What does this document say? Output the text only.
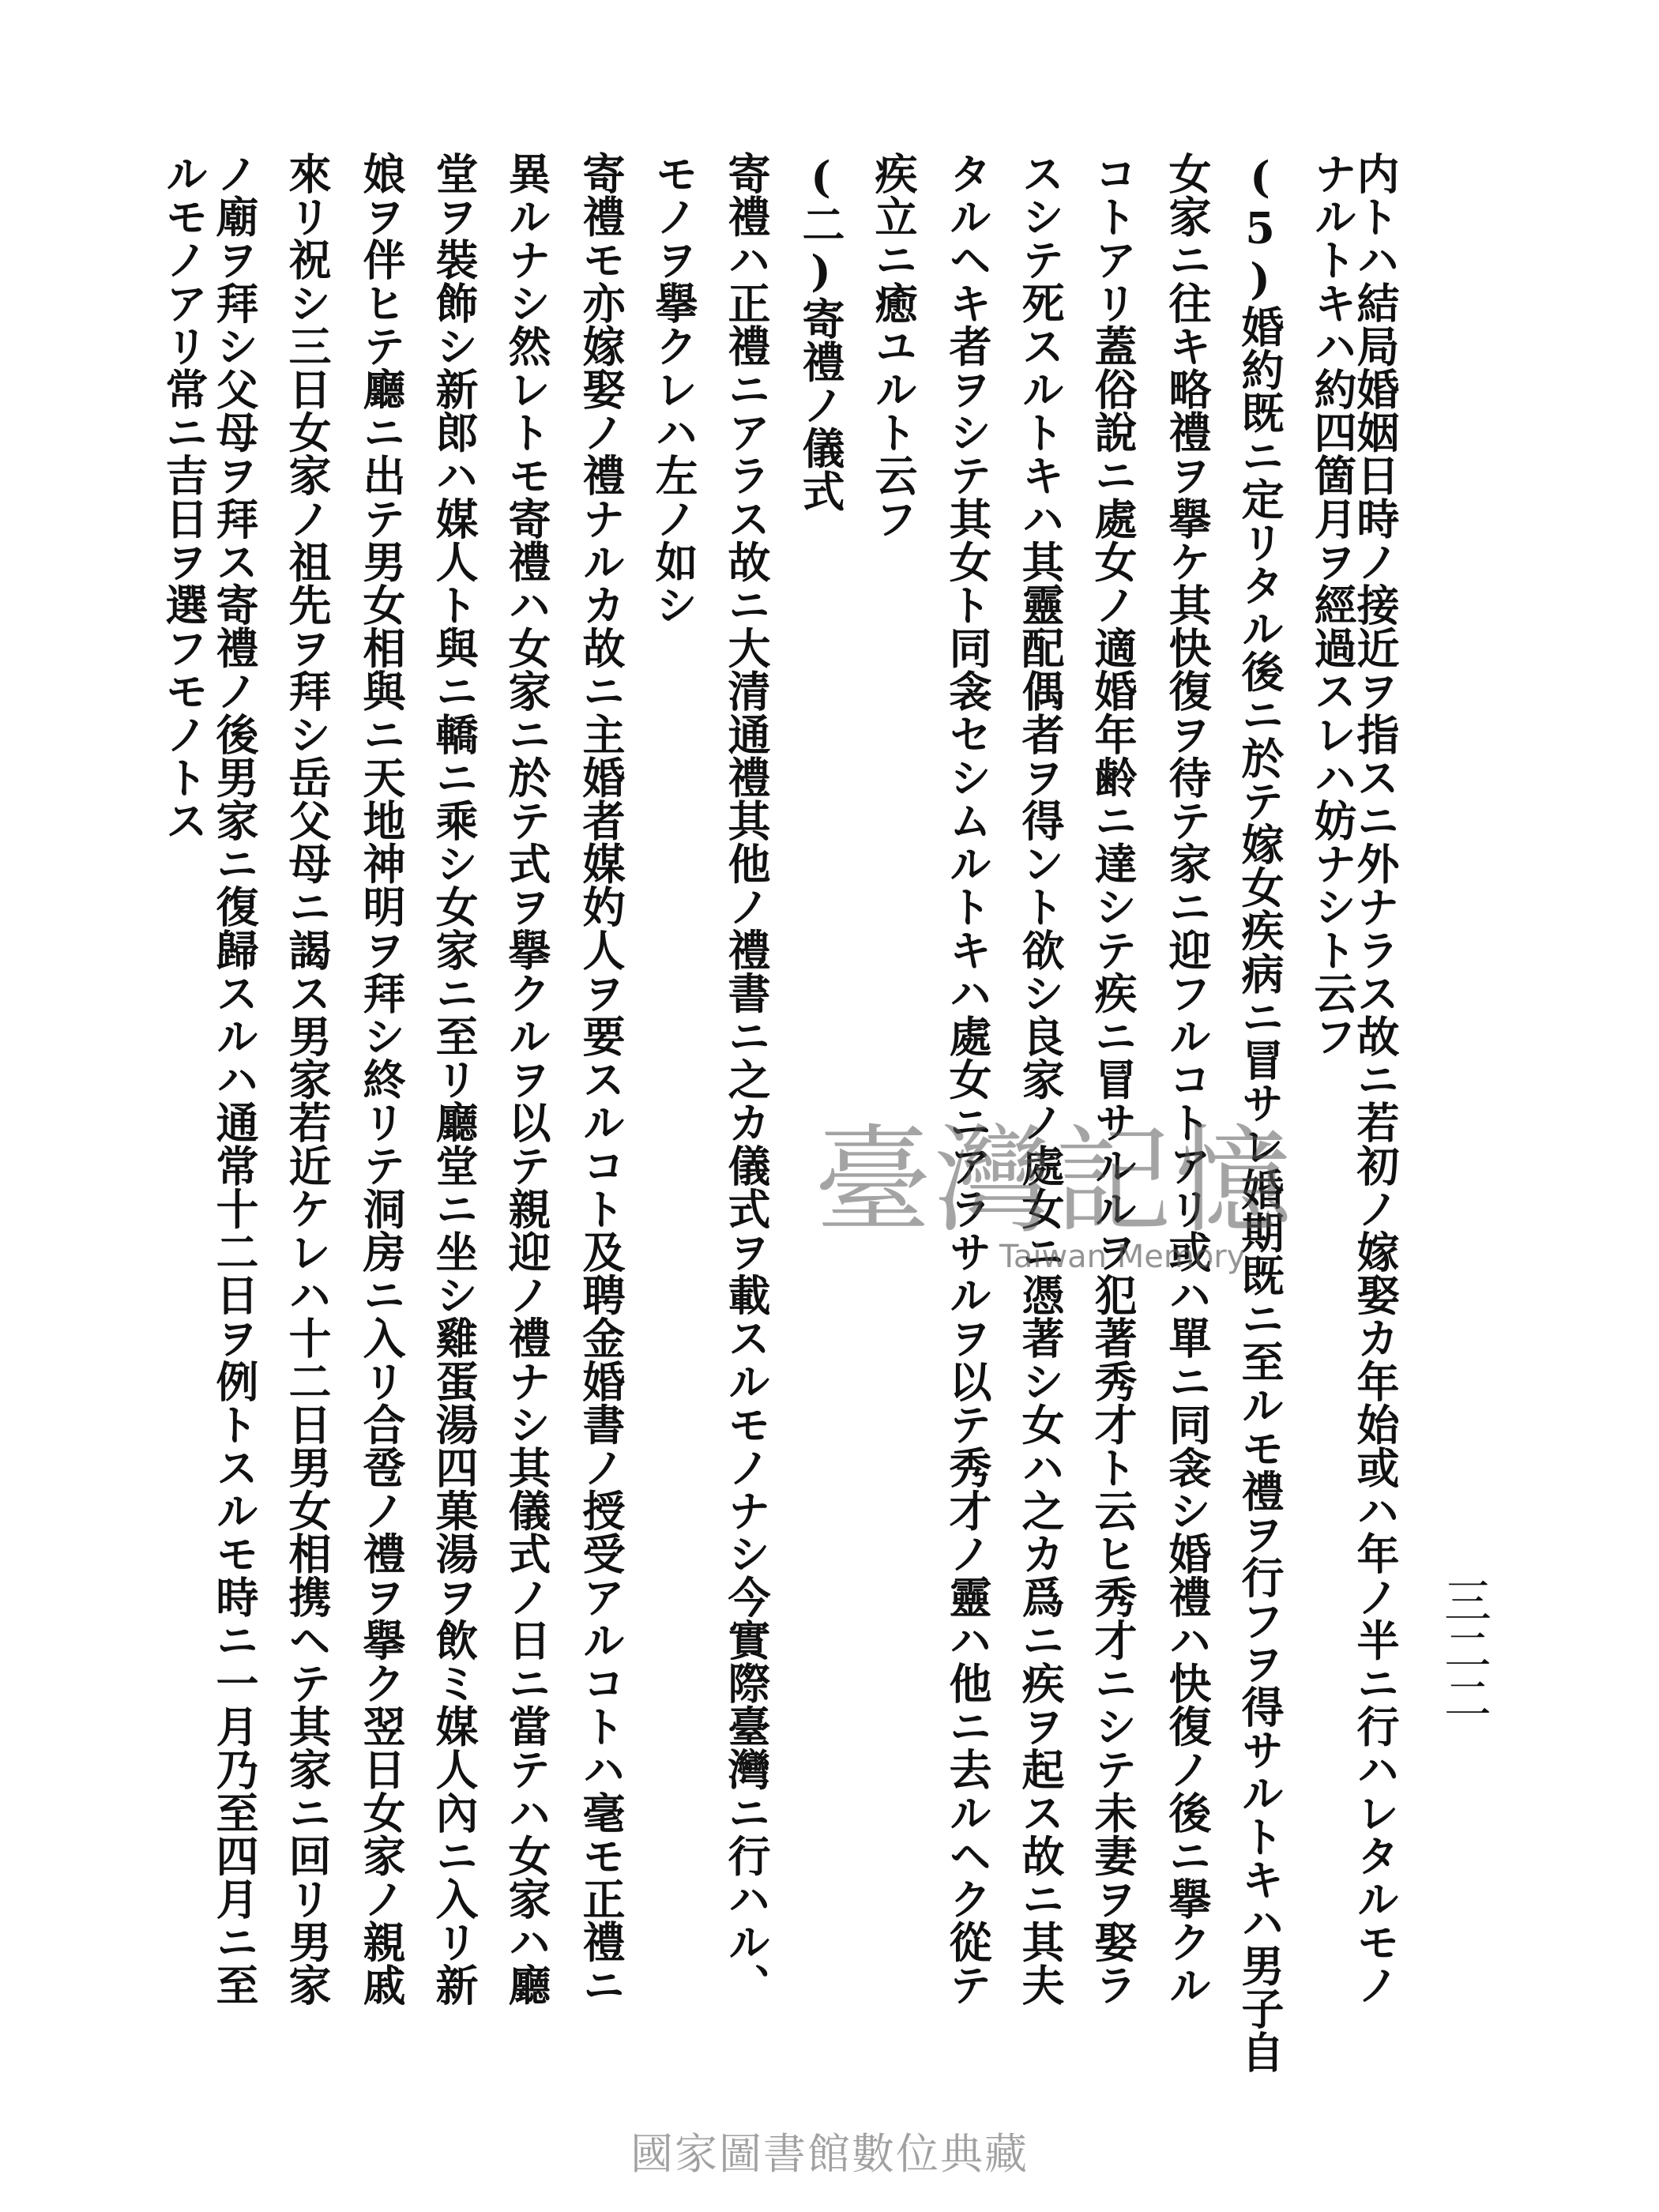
三二二
内トハ結局婚姻日時ノ接近ヲ指スニ外ナラス故ニ若初ノ嫁娶カ年始或ハ年ノ半ニ行ハレタルモノ
ナルトキハ約四箇月ヲ經過スレハ妨ナシト云フ
(5)婚約既ニ定リタル後ニ於テ嫁女疾病ニ冒サレ婚期既ニ至ルモ禮ヲ行フヲ得サルトキハ男子自
女家ニ往キ略禮ヲ擧ケ其快復ヲ待テ家ニ迎フルコトアリ或ハ單ニ同衾シ婚禮ハ快復ノ後ニ擧クル
コトアリ蓋俗說ニ處女ノ適婚年齢ニ達シテ疾ニ冒サルルヲ犯著秀才ト云ヒ秀才ニシテ未妻ヲ娶ラ
スシテ死スルトキハ其靈配偶者ヲ得ント欲シ良家ノ處女ニ憑著シ女ハ之カ爲ニ疾ヲ起ス故ニ其夫
タルヘキ者ヲシテ其女ト同衾セシムルトキハ處女ニアラサルヲ以テ秀才ノ靈ハ他ニ去ルヘク從テ
疾立ニ癒ユルト云フ
(二)寄禮ノ儀式
寄禮ハ正禮ニアラス故ニ大清通禮其他ノ禮書ニ之カ儀式ヲ載スルモノナシ今實際臺灣ニ行ハル、
モノヲ擧クレハ左ノ如シ
寄禮モ亦嫁娶ノ禮ナルカ故ニ主婚者媒妁人ヲ要スルコト及聘金婚書ノ授受アルコトハ毫モ正禮ニ
異ルナシ然レトモ寄禮ハ女家ニ於テ式ヲ擧クルヲ以テ親迎ノ禮ナシ其儀式ノ日ニ當テハ女家ハ廳
堂ヲ裝飾シ新郎ハ媒人ト與ニ轎ニ乘シ女家ニ至リ廳堂ニ坐シ雞蛋湯四菓湯ヲ飲ミ媒人內ニ入リ新
娘ヲ伴ヒテ廳ニ出テ男女相與ニ天地神明ヲ拜シ終リテ洞房ニ入リ合卺ノ禮ヲ擧ク翌日女家ノ親戚
來リ祝シ三日女家ノ祖先ヲ拜シ岳父母ニ謁ス男家若近ケレハ十二日男女相携ヘテ其家ニ回リ男家
ノ廟ヲ拜シ父母ヲ拜ス寄禮ノ後男家ニ復歸スルハ通常十二日ヲ例トスルモ時ニ一月乃至四月ニ至
ルモノアリ常ニ吉日ヲ選フモノトス
臺灣記憶
Taiwan Memory
國家圖書館數位典藏
